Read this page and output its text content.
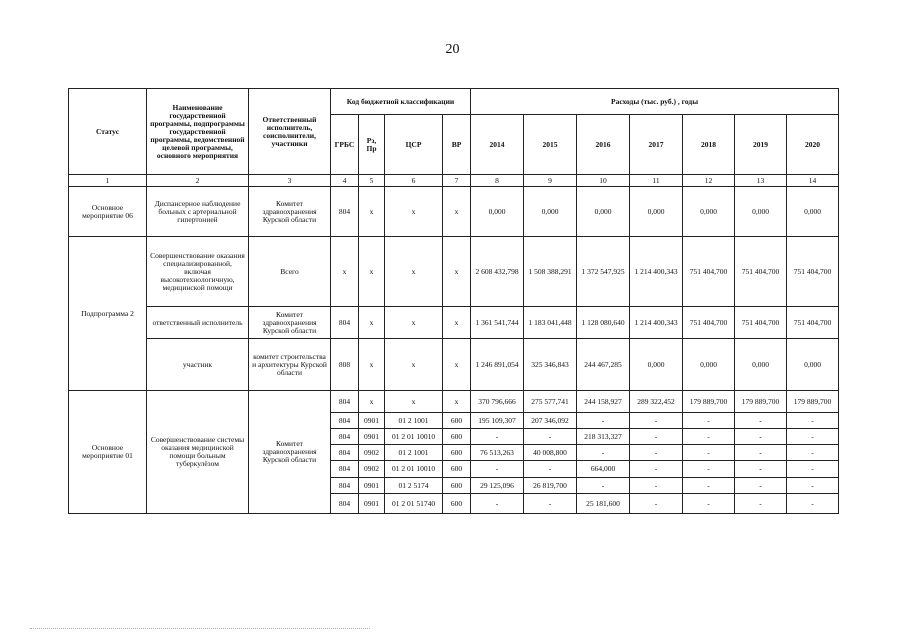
20
Статус	Наименование государственной программы, подпрограммы государственной программы, ведомственной целевой программы, основного мероприятия	Ответственный исполнитель, соисполнители, участники	Код бюджетной классификации				Расходы (тыс. руб.) , годы						
			ГРБС	Рз, Пр	ЦСР	ВР	2014	2015	2016	2017	2018	2019	2020
1	2	3	4	5	6	7	8	9	10	11	12	13	14
Основное мероприятие 06	Диспансерное наблюдение больных с артериальной гипертонией	Комитет здравоохранения Курской области	804	х	х	х	0,000	0,000	0,000	0,000	0,000	0,000	0,000
Подпрограмма 2	Совершенствование оказания специализированной, включая высокотехнологичную, медицинской помощи	Всего	х	х	х	х	2 608 432,798	1 508 388,291	1 372 547,925	1 214 400,343	751 404,700	751 404,700	751 404,700
	ответственный исполнитель	Комитет здравоохранения Курской области	804	х	х	х	1 361 541,744	1 183 041,448	1 128 080,640	1 214 400,343	751 404,700	751 404,700	751 404,700
	участник	комитет строительства и архитектуры Курской области	808	х	х	х	1 246 891,054	325 346,843	244 467,285	0,000	0,000	0,000	0,000
Основное мероприятие 01	Совершенствование системы оказания медицинской помощи больным туберкулёзом	Комитет здравоохранения Курской области	804	х	х	х	370 796,666	275 577,741	244 158,927	289 322,452	179 889,700	179 889,700	179 889,700
			804	0901	01 2 1001	600	195 109,307	207 346,092	-	-	-	-	-
			804	0901	01 2 01 10010	600	-	-	218 313,327	-	-	-	-
			804	0902	01 2 1001	600	76 513,263	40 008,800	-	-	-	-	-
			804	0902	01 2 01 10010	600	-	-	664,000	-	-	-	-
			804	0901	01 2 5174	600	29 125,096	26 819,700	-	-	-	-	-
			804	0901	01 2 01 51740	600	-	-	25 181,600	-	-	-	-
